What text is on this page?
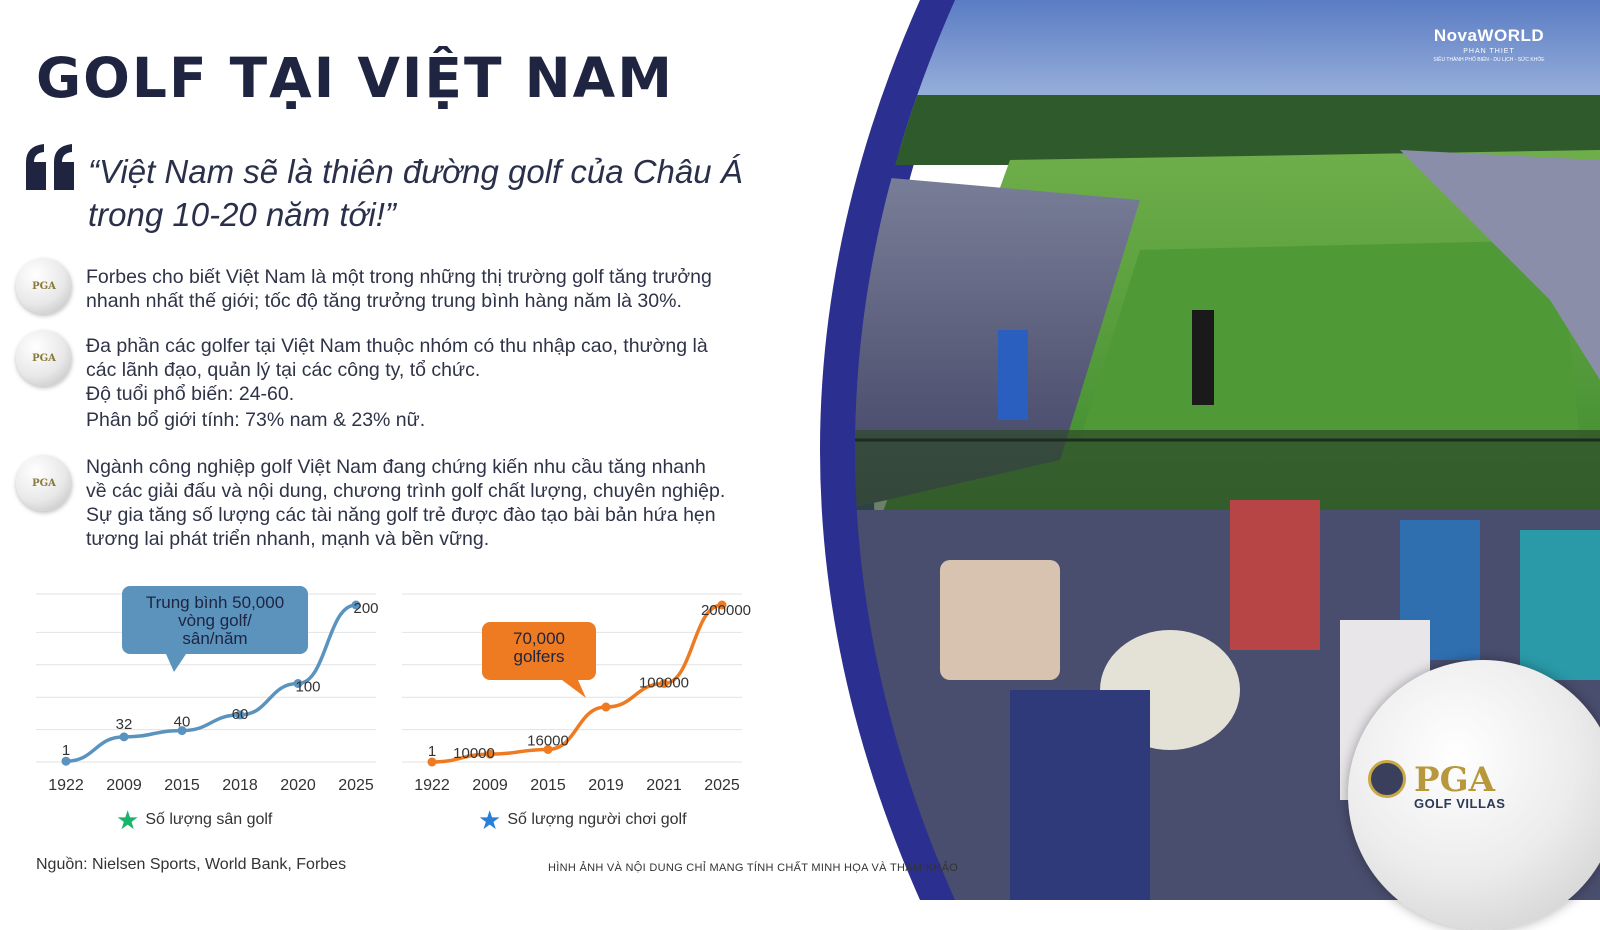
GOLF TẠI VIỆT NAM
“Việt Nam sẽ là thiên đường golf của Châu Á trong 10-20 năm tới!”
PGA Forbes cho biết Việt Nam là một trong những thị trường golf tăng trưởng
nhanh nhất thế giới; tốc độ tăng trưởng trung bình hàng năm là 30%.
PGA
Đa phần các golfer tại Việt Nam thuộc nhóm có thu nhập cao, thường là
các lãnh đạo, quản lý tại các công ty, tổ chức.
Độ tuổi phổ biến: 24-60.
Phân bổ giới tính: 73% nam & 23% nữ.
PGA
Ngành công nghiệp golf Việt Nam đang chứng kiến nhu cầu tăng nhanh
về các giải đấu và nội dung, chương trình golf chất lượng, chuyên nghiệp.
Sự gia tăng số lượng các tài năng golf trẻ được đào tạo bài bản hứa hẹn
tương lai phát triển nhanh, mạnh và bền vững.
1
1922
32
2009
40
2015
60
2018
100
2020
200
2025
Trung bình 50,000
vòng golf/
sân/năm
★ Số lượng sân golf
1
1922
10000
2009
16000
2015 2019
100000
2021
200000
2025
70,000
golfers
★ Số lượng người chơi golf
Nguồn: Nielsen Sports, World Bank, Forbes
NovaWORLD
PHAN THIET
SIÊU THÀNH PHỐ BIỂN - DU LỊCH - SỨC KHỎE
PGA
GOLF VILLAS
HÌNH ẢNH VÀ NỘI DUNG CHỈ MANG TÍNH CHẤT MINH HỌA VÀ THAM KHẢO
